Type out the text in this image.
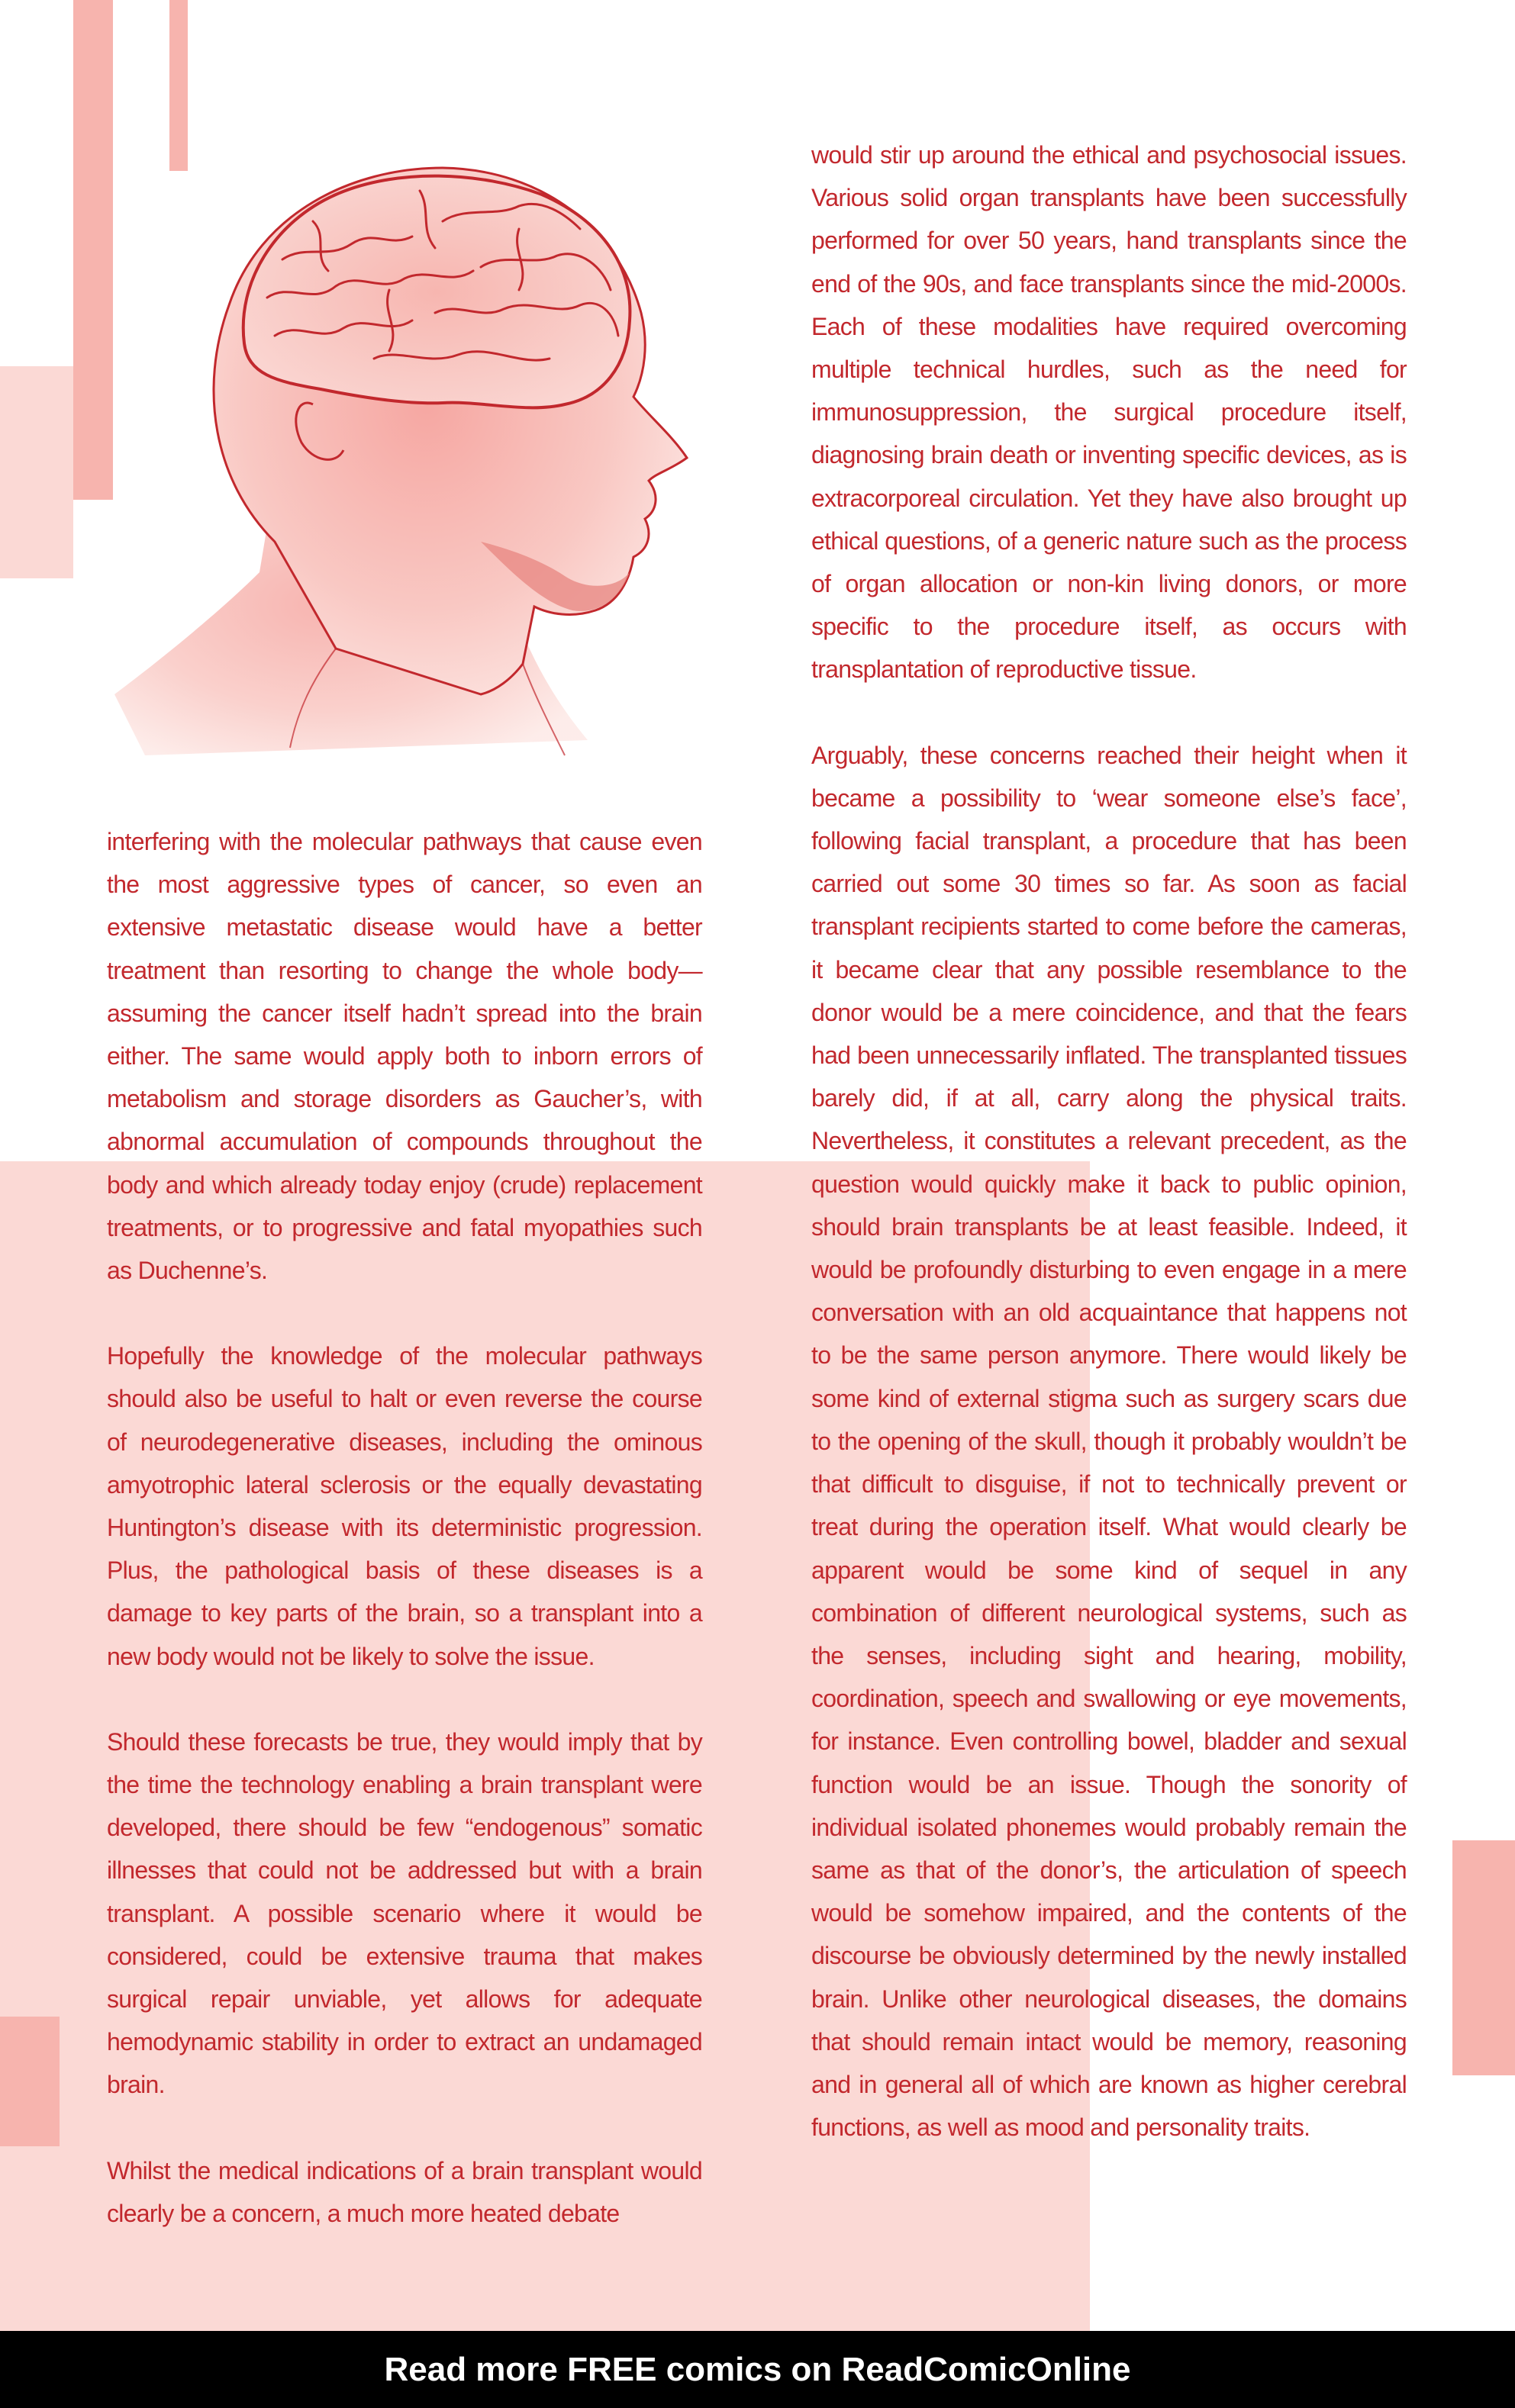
interfering with the molecular pathways that cause even the most aggressive types of cancer, so even an extensive metastatic disease would have a better treatment than resorting to change the whole body—assuming the cancer itself hadn’t spread into the brain either. The same would apply both to inborn errors of metabolism and storage disorders as Gaucher’s, with abnormal accumulation of compounds throughout the body and which already today enjoy (crude) replacement treatments, or to progressive and fatal myopathies such as Duchenne’s.

Hopefully the knowledge of the molecular pathways should also be useful to halt or even reverse the course of neurodegenerative diseases, including the ominous amyotrophic lateral sclerosis or the equally devastating Huntington’s disease with its deterministic progression. Plus, the pathological basis of these diseases is a damage to key parts of the brain, so a transplant into a new body would not be likely to solve the issue.

Should these forecasts be true, they would imply that by the time the technology enabling a brain transplant were developed, there should be few “endogenous” somatic illnesses that could not be addressed but with a brain transplant. A possible scenario where it would be considered, could be extensive trauma that makes surgical repair unviable, yet allows for adequate hemodynamic stability in order to extract an undamaged brain.

Whilst the medical indications of a brain transplant would clearly be a concern, a much more heated debate

would stir up around the ethical and psychosocial issues. Various solid organ transplants have been successfully performed for over 50 years, hand transplants since the end of the 90s, and face transplants since the mid-2000s. Each of these modalities have required overcoming multiple technical hurdles, such as the need for immunosuppression, the surgical procedure itself, diagnosing brain death or inventing specific devices, as is extracorporeal circulation. Yet they have also brought up ethical questions, of a generic nature such as the process of organ allocation or non-kin living donors, or more specific to the procedure itself, as occurs with transplantation of reproductive tissue.

Arguably, these concerns reached their height when it became a possibility to ‘wear someone else’s face’, following facial transplant, a procedure that has been carried out some 30 times so far. As soon as facial transplant recipients started to come before the cameras, it became clear that any possible resemblance to the donor would be a mere coincidence, and that the fears had been unnecessarily inflated. The transplanted tissues barely did, if at all, carry along the physical traits. Nevertheless, it constitutes a relevant precedent, as the question would quickly make it back to public opinion, should brain transplants be at least feasible. Indeed, it would be profoundly disturbing to even engage in a mere conversation with an old acquaintance that happens not to be the same person anymore. There would likely be some kind of external stigma such as surgery scars due to the opening of the skull, though it probably wouldn’t be that difficult to disguise, if not to technically prevent or treat during the operation itself. What would clearly be apparent would be some kind of sequel in any combination of different neurological systems, such as the senses, including sight and hearing, mobility, coordination, speech and swallowing or eye movements, for instance. Even controlling bowel, bladder and sexual function would be an issue. Though the sonority of individual isolated phonemes would probably remain the same as that of the donor’s, the articulation of speech would be somehow impaired, and the contents of the discourse be obviously determined by the newly installed brain. Unlike other neurological diseases, the domains that should remain intact would be memory, reasoning and in general all of which are known as higher cerebral functions, as well as mood and personality traits.

Read more FREE comics on ReadComicOnline
